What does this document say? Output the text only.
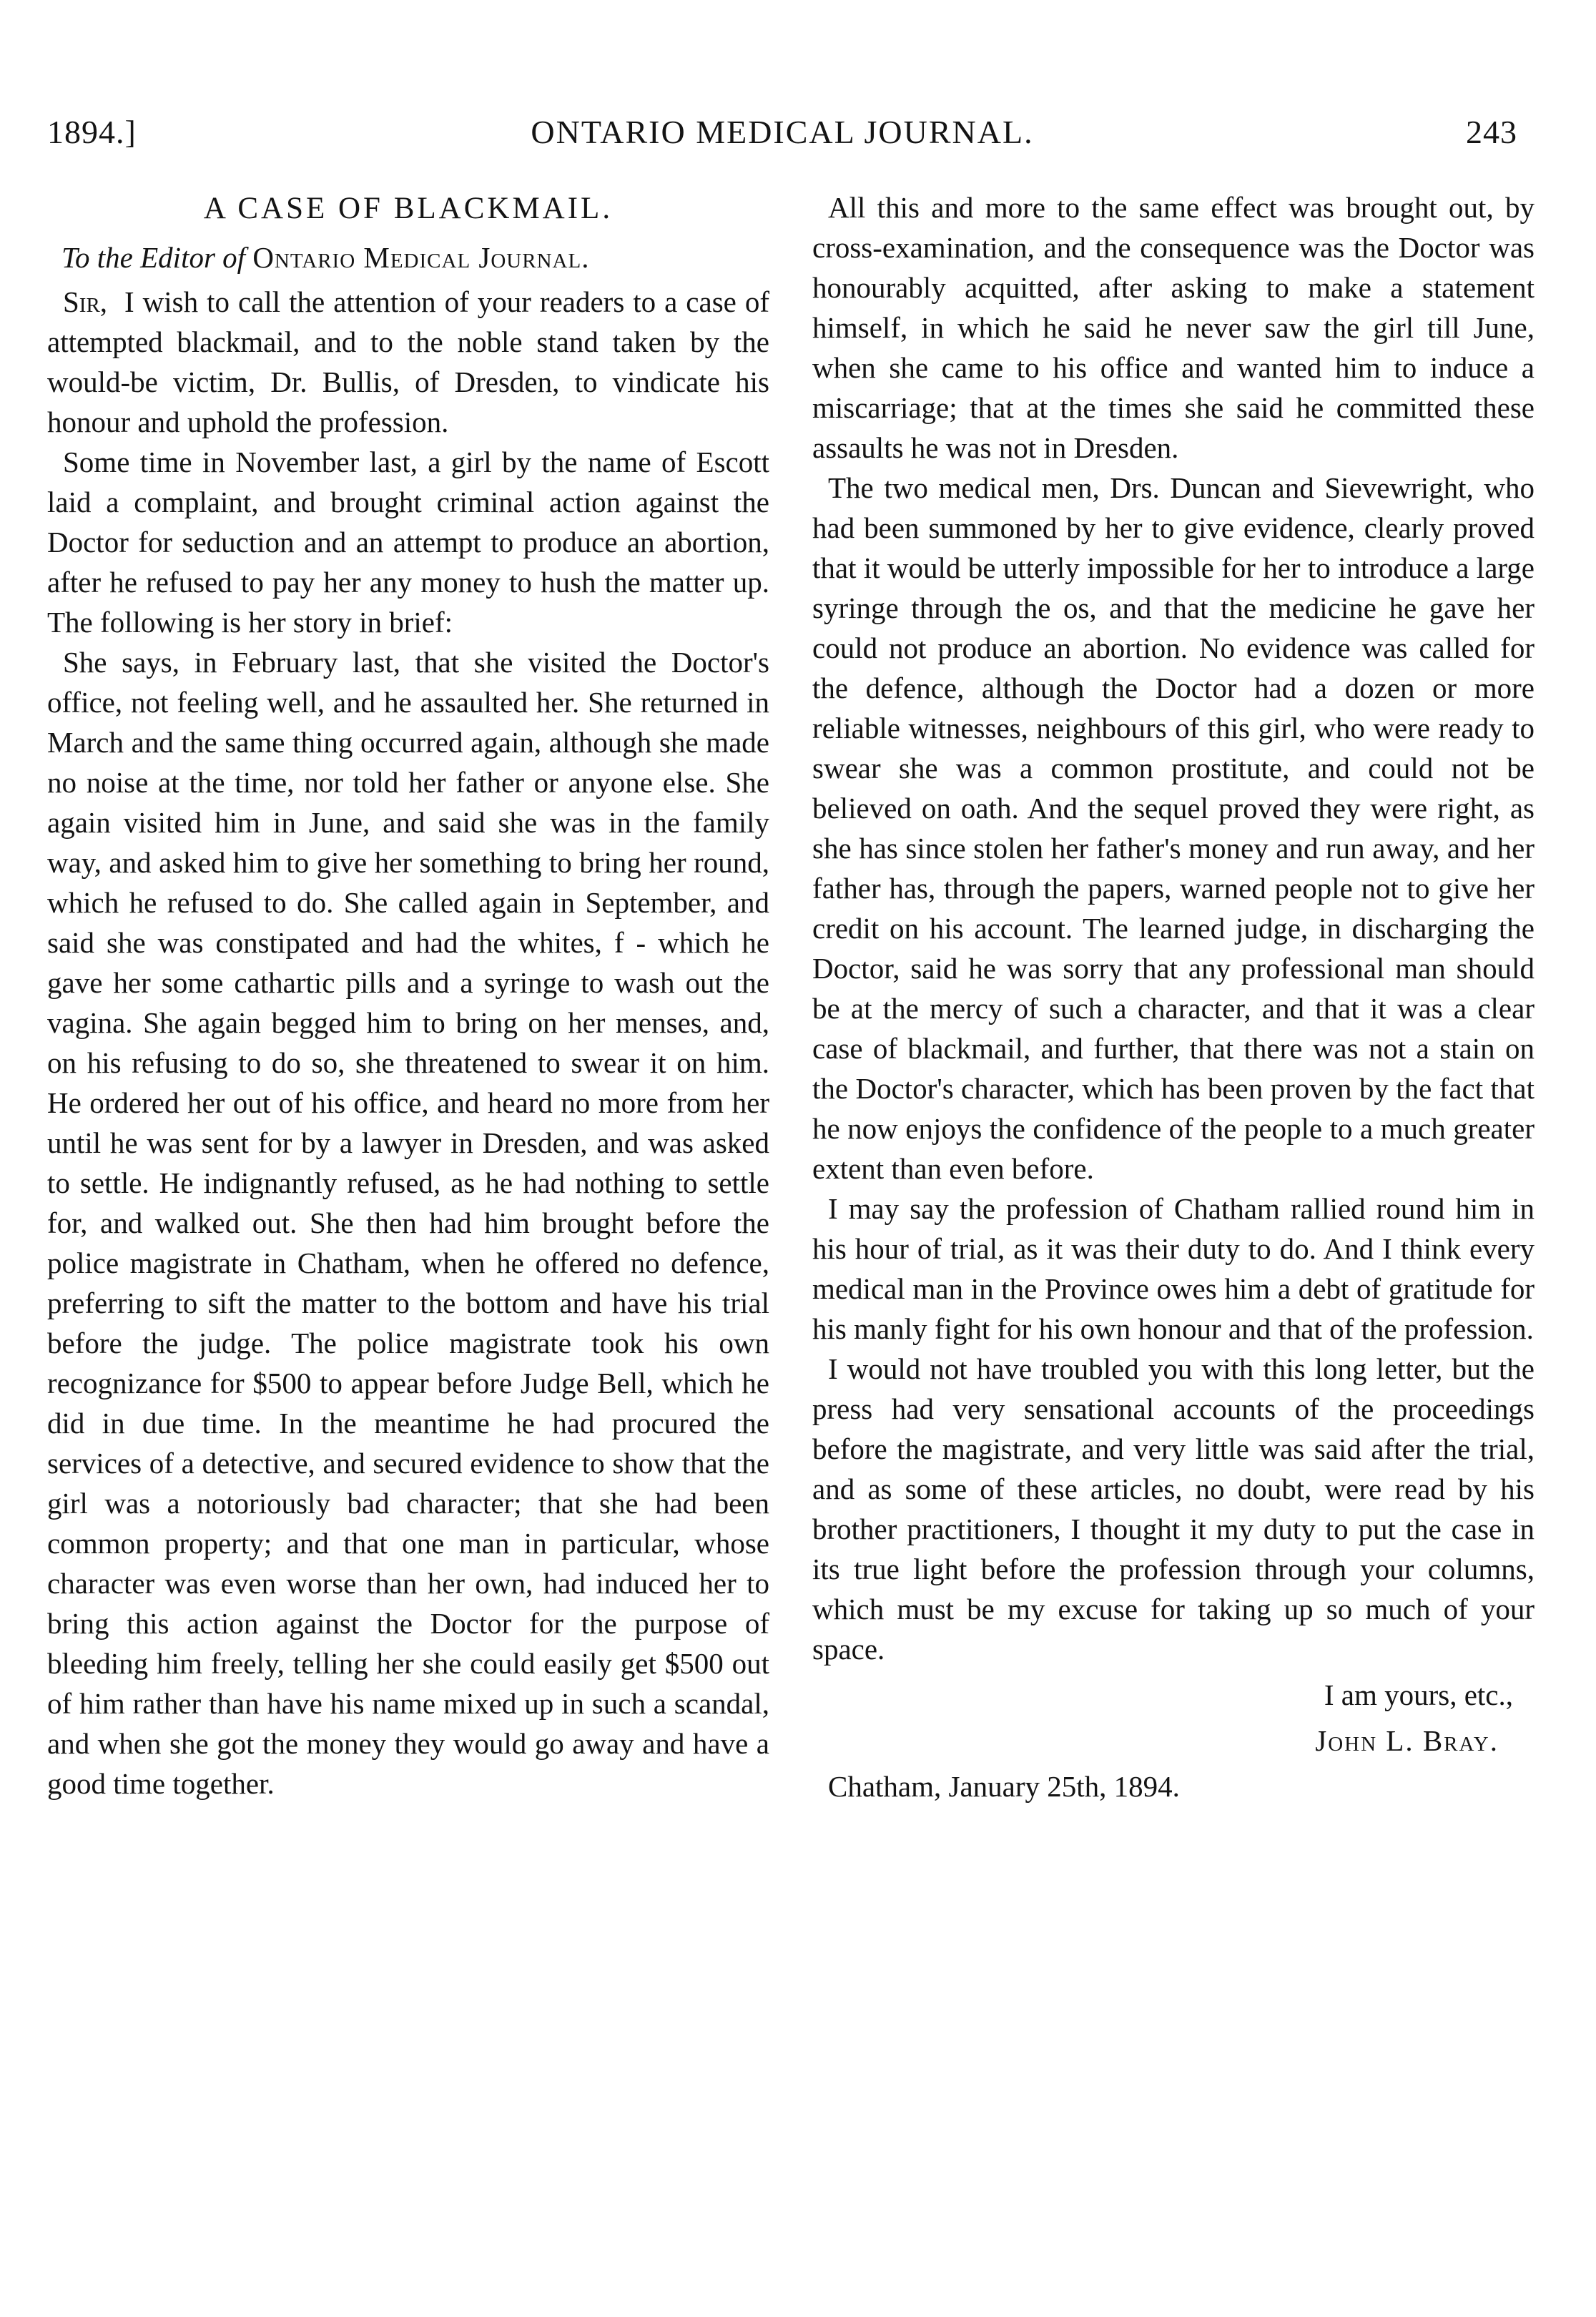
1894.]	ONTARIO MEDICAL JOURNAL.	243
A CASE OF BLACKMAIL.
To the Editor of Ontario Medical Journal.

Sir, I wish to call the attention of your readers to a case of attempted blackmail, and to the noble stand taken by the would-be victim, Dr. Bullis, of Dresden, to vindicate his honour and uphold the profession.

Some time in November last, a girl by the name of Escott laid a complaint, and brought criminal action against the Doctor for seduction and an attempt to produce an abortion, after he refused to pay her any money to hush the matter up. The following is her story in brief:

She says, in February last, that she visited the Doctor's office, not feeling well, and he assaulted her. She returned in March and the same thing occurred again, although she made no noise at the time, nor told her father or anyone else. She again visited him in June, and said she was in the family way, and asked him to give her something to bring her round, which he refused to do. She called again in September, and said she was constipated and had the whites, f - which he gave her some cathartic pills and a syringe to wash out the vagina. She again begged him to bring on her menses, and, on his refusing to do so, she threatened to swear it on him. He ordered her out of his office, and heard no more from her until he was sent for by a lawyer in Dresden, and was asked to settle. He indignantly refused, as he had nothing to settle for, and walked out. She then had him brought before the police magistrate in Chatham, when he offered no defence, preferring to sift the matter to the bottom and have his trial before the judge. The police magistrate took his own recognizance for $500 to appear before Judge Bell, which he did in due time. In the meantime he had procured the services of a detective, and secured evidence to show that the girl was a notoriously bad character; that she had been common property; and that one man in particular, whose character was even worse than her own, had induced her to bring this action against the Doctor for the purpose of bleeding him freely, telling her she could easily get $500 out of him rather than have his name mixed up in such a scandal, and when she got the money they would go away and have a good time together.

All this and more to the same effect was brought out, by cross-examination, and the consequence was the Doctor was honourably acquitted, after asking to make a statement himself, in which he said he never saw the girl till June, when she came to his office and wanted him to induce a miscarriage; that at the times she said he committed these assaults he was not in Dresden.

The two medical men, Drs. Duncan and Sievewright, who had been summoned by her to give evidence, clearly proved that it would be utterly impossible for her to introduce a large syringe through the os, and that the medicine he gave her could not produce an abortion. No evidence was called for the defence, although the Doctor had a dozen or more reliable witnesses, neighbours of this girl, who were ready to swear she was a common prostitute, and could not be believed on oath. And the sequel proved they were right, as she has since stolen her father's money and run away, and her father has, through the papers, warned people not to give her credit on his account. The learned judge, in discharging the Doctor, said he was sorry that any professional man should be at the mercy of such a character, and that it was a clear case of blackmail, and further, that there was not a stain on the Doctor's character, which has been proven by the fact that he now enjoys the confidence of the people to a much greater extent than even before.

I may say the profession of Chatham rallied round him in his hour of trial, as it was their duty to do. And I think every medical man in the Province owes him a debt of gratitude for his manly fight for his own honour and that of the profession.

I would not have troubled you with this long letter, but the press had very sensational accounts of the proceedings before the magistrate, and very little was said after the trial, and as some of these articles, no doubt, were read by his brother practitioners, I thought it my duty to put the case in its true light before the profession through your columns, which must be my excuse for taking up so much of your space.

I am yours, etc.,
John L. Bray.
Chatham, January 25th, 1894.
